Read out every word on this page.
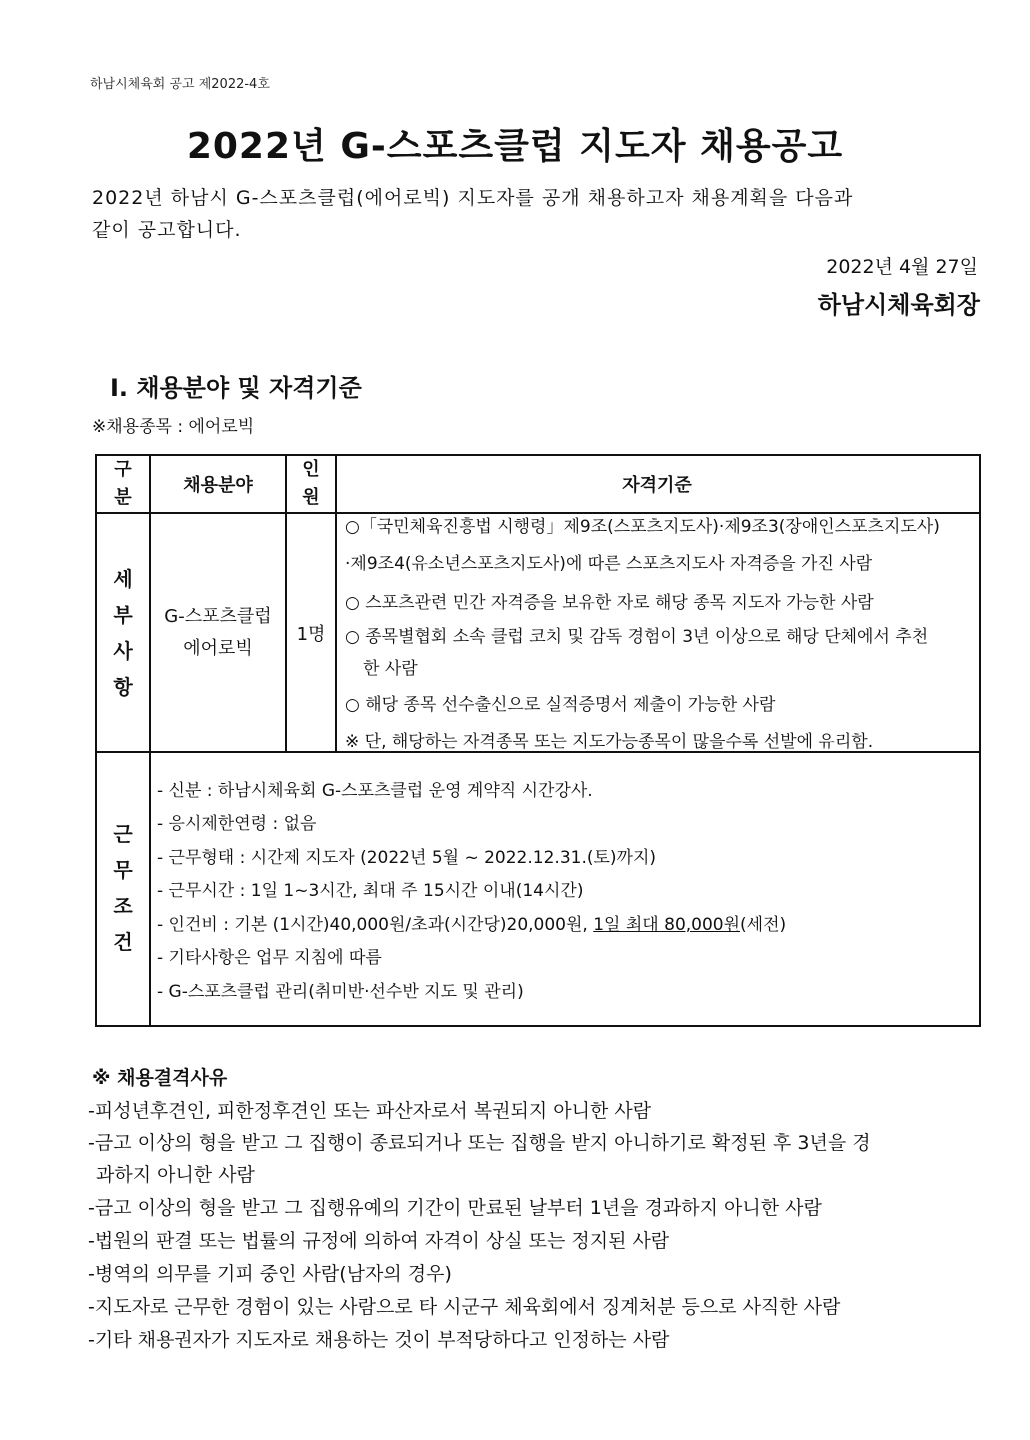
하남시체육회 공고 제2022-4호
2022년 G-스포츠클럽 지도자 채용공고
2022년 하남시 G-스포츠클럽(에어로빅) 지도자를 공개 채용하고자 채용계획을 다음과
같이 공고합니다.
2022년 4월 27일
하남시체육회장
Ⅰ. 채용분야 및 자격기준
※채용종목 : 에어로빅
구
분
채용분야
인
원
자격기준
세
부
사
항
G-스포츠클럽
에어로빅
1명
○「국민체육진흥법 시행령」제9조(스포츠지도사)·제9조3(장애인스포츠지도사)
·제9조4(유소년스포츠지도사)에 따른 스포츠지도사 자격증을 가진 사람
○ 스포츠관련 민간 자격증을 보유한 자로 해당 종목 지도자 가능한 사람
○ 종목별협회 소속 클럽 코치 및 감독 경험이 3년 이상으로 해당 단체에서 추천
한 사람
○ 해당 종목 선수출신으로 실적증명서 제출이 가능한 사람
※ 단, 해당하는 자격종목 또는 지도가능종목이 많을수록 선발에 유리함.
근
무
조
건
- 신분 : 하남시체육회 G-스포츠클럽 운영 계약직 시간강사.
- 응시제한연령 : 없음
- 근무형태 : 시간제 지도자 (2022년 5월 ~ 2022.12.31.(토)까지)
- 근무시간 : 1일 1~3시간, 최대 주 15시간 이내(14시간)
- 인건비 : 기본 (1시간)40,000원/초과(시간당)20,000원, 1일 최대 80,000원(세전)
- 기타사항은 업무 지침에 따름
- G-스포츠클럽 관리(취미반·선수반 지도 및 관리)
※ 채용결격사유
-피성년후견인, 피한정후견인 또는 파산자로서 복권되지 아니한 사람
-금고 이상의 형을 받고 그 집행이 종료되거나 또는 집행을 받지 아니하기로 확정된 후 3년을 경
과하지 아니한 사람
-금고 이상의 형을 받고 그 집행유예의 기간이 만료된 날부터 1년을 경과하지 아니한 사람
-법원의 판결 또는 법률의 규정에 의하여 자격이 상실 또는 정지된 사람
-병역의 의무를 기피 중인 사람(남자의 경우)
-지도자로 근무한 경험이 있는 사람으로 타 시군구 체육회에서 징계처분 등으로 사직한 사람
-기타 채용권자가 지도자로 채용하는 것이 부적당하다고 인정하는 사람
